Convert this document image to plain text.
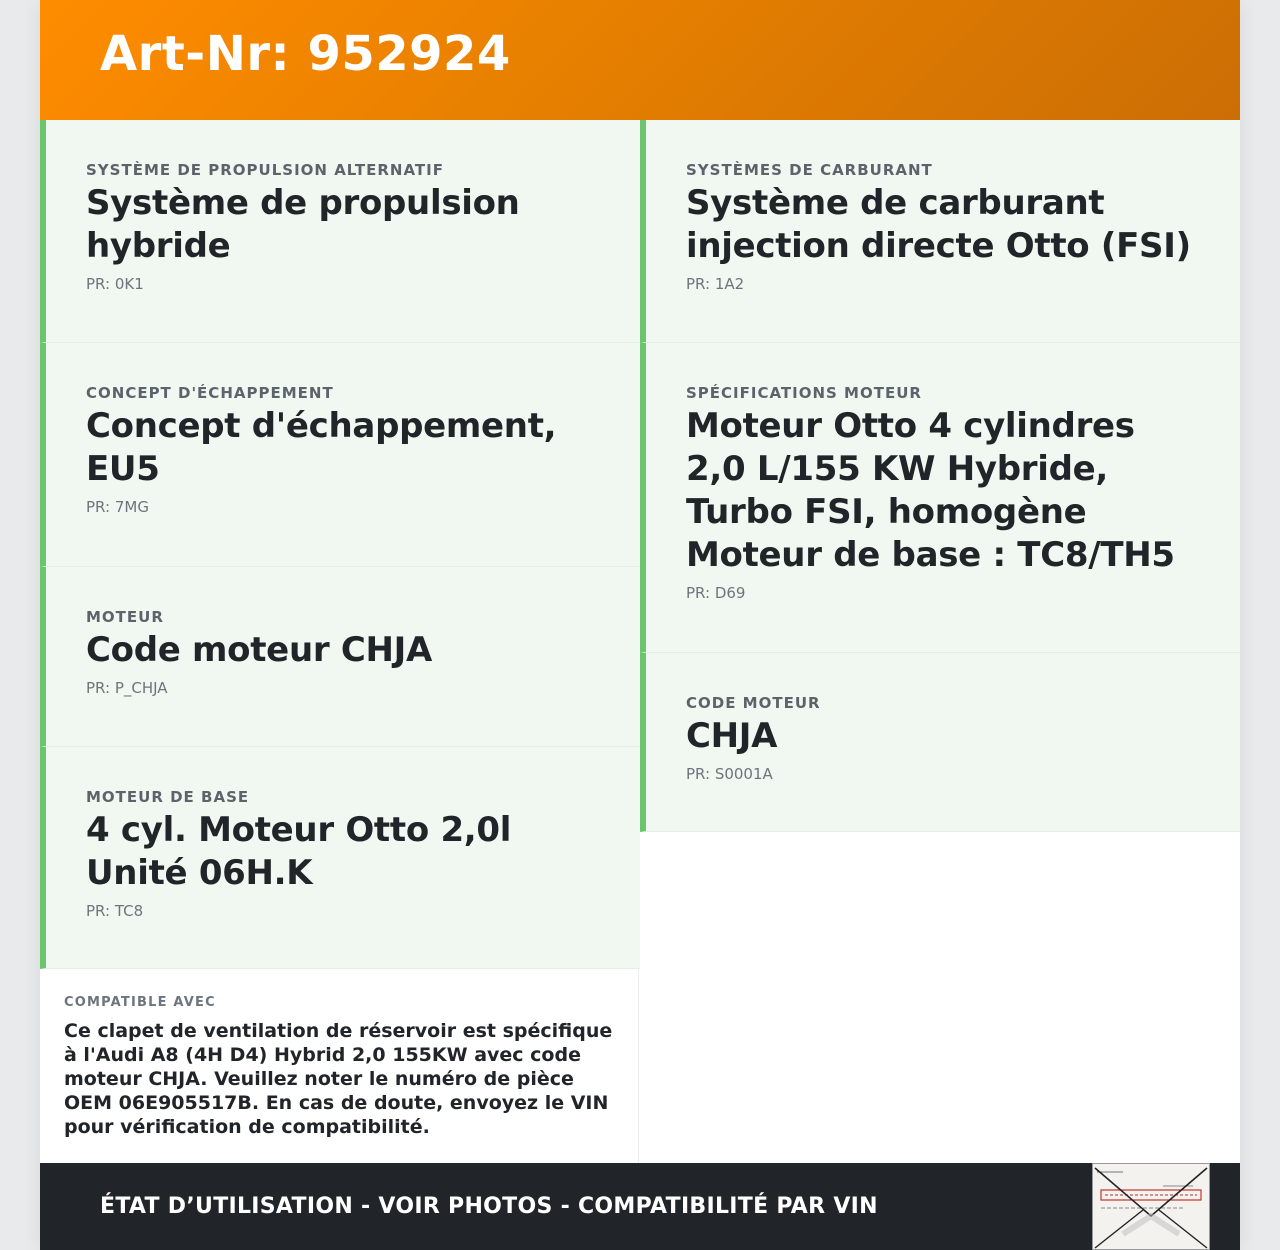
Art-Nr: 952924
SYSTÈME DE PROPULSION ALTERNATIF
Système de propulsion hybride
PR: 0K1
CONCEPT D'ÉCHAPPEMENT
Concept d'échappement, EU5
PR: 7MG
MOTEUR
Code moteur CHJA
PR: P_CHJA
MOTEUR DE BASE
4 cyl. Moteur Otto 2,0l Unité 06H.K
PR: TC8
SYSTÈMES DE CARBURANT
Système de carburant injection directe Otto (FSI)
PR: 1A2
SPÉCIFICATIONS MOTEUR
Moteur Otto 4 cylindres 2,0 L/155 KW Hybride, Turbo FSI, homogène Moteur de base : TC8/TH5
PR: D69
CODE MOTEUR
CHJA
PR: S0001A
COMPATIBLE AVEC
Ce clapet de ventilation de réservoir est spécifique à l'Audi A8 (4H D4) Hybrid 2,0 155KW avec code moteur CHJA. Veuillez noter le numéro de pièce OEM 06E905517B. En cas de doute, envoyez le VIN pour vérification de compatibilité.
ÉTAT D’UTILISATION - VOIR PHOTOS - COMPATIBILITÉ PAR VIN
